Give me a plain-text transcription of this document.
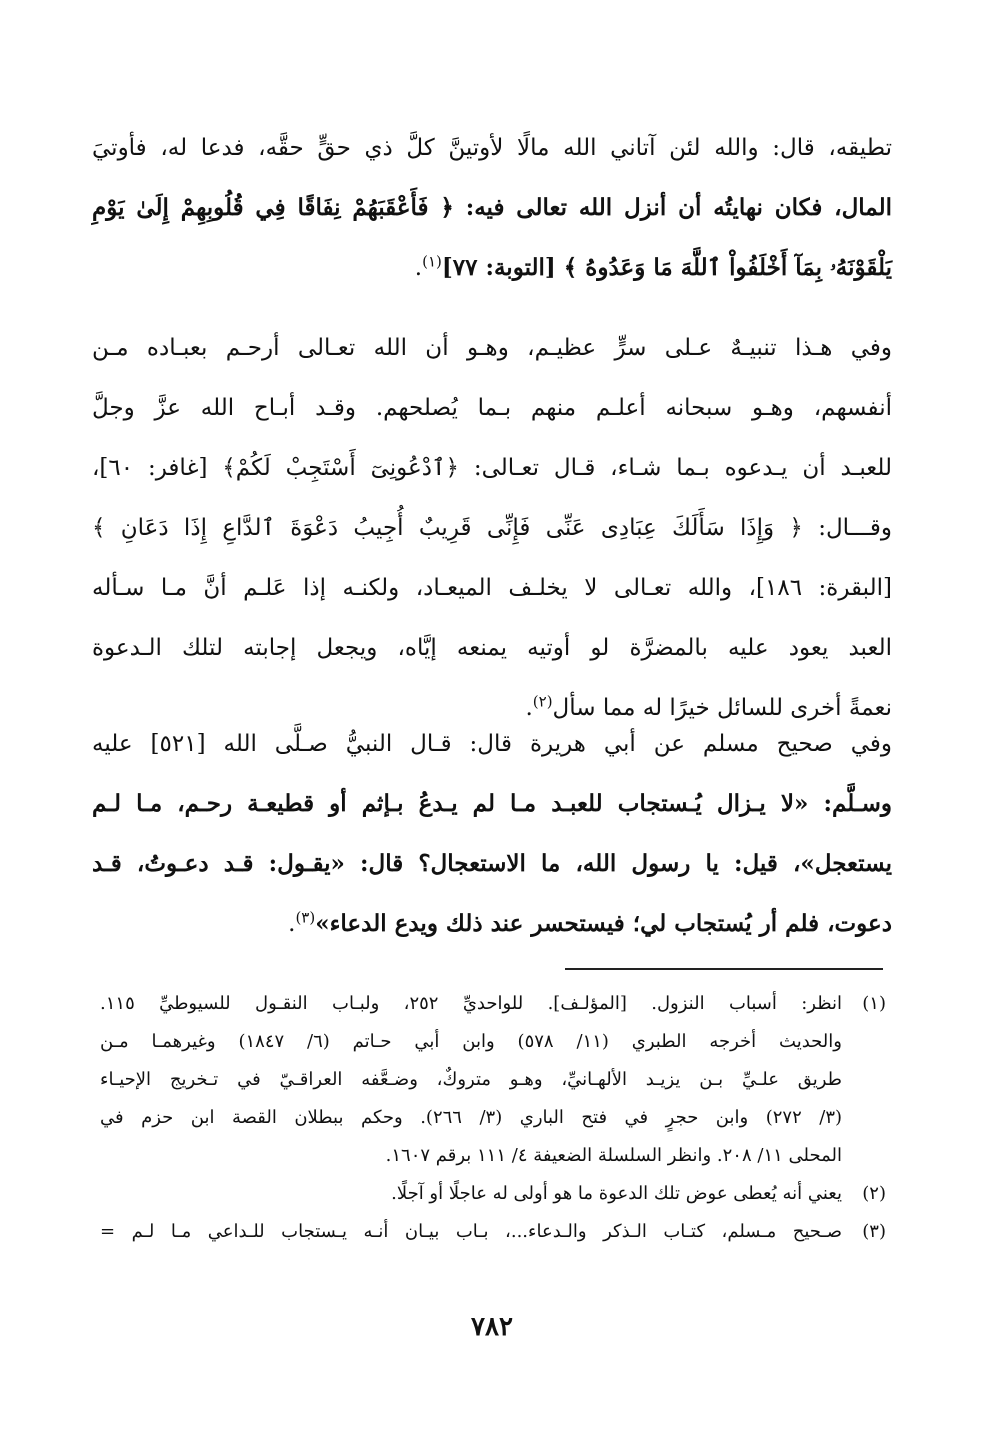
تطيقه، قال: والله لئن آتاني الله مالًا لأوتينَّ كلَّ ذي حقٍّ حقَّه، فدعا له، فأوتيَ
المال، فكان نهايتُه أن أنزل الله تعالى فيه: ﴿ فَأَعْقَبَهُمْ نِفَاقًا فِي قُلُوبِهِمْ إِلَىٰ يَوْمِ
يَلْقَوْنَهُۥ بِمَآ أَخْلَفُواْ ٱللَّهَ مَا وَعَدُوهُ ﴾ [التوبة: ٧٧]$^{(١)}$.
وفي هـذا تنبيـهٌ عـلى سرٍّ عظيـم، وهـو أن الله تعـالى أرحـم بعبـاده مـن
أنفسهم، وهـو سبحانه أعلـم منهم بـما يُصلحهم. وقـد أبـاح الله عزَّ وجلَّ
للعبـد أن يـدعوه بـما شـاء، قـال تعـالى: ﴿ٱدْعُونِىٓ أَسْتَجِبْ لَكُمْ﴾ [غافر: ٦٠]،
وقـــال: ﴿ وَإِذَا سَأَلَكَ عِبَادِى عَنِّى فَإِنِّى قَرِيبٌ أُجِيبُ دَعْوَةَ ٱلدَّاعِ إِذَا دَعَانِ ﴾
[البقرة: ١٨٦]، والله تعـالى لا يخلـف الميعـاد، ولكنـه إذا عَلـم أنَّ مـا سـأله
العبد يعود عليه بالمضرَّة لو أوتيه يمنعه إيَّاه، ويجعل إجابته لتلك الـدعوة
نعمةً أخرى للسائل خيرًا له مما سأل$^{(٢)}$.
وفي صحيح مسلم عن أبي هريرة قال: قـال النبيُّ صـلَّى الله [٥٢١] عليه
وسـلَّم: «لا يـزال يُـستجاب للعبـد مـا لم يـدعُ بـإثم أو قطيعـة رحـم، مـا لـم
يستعجل»، قيل: يا رسول الله، ما الاستعجال؟ قال: «يقـول: قـد دعـوتُ، قـد
دعوت، فلم أر يُستجاب لي؛ فيستحسر عند ذلك ويدع الدعاء»$^{(٣)}$.
(١)
انظر: أسباب النزول. [المؤلـف]. للواحديِّ ٢٥٢، ولبـاب النقـول للسيوطيِّ ١١٥.
والحديث أخرجه الطبري (١١/ ٥٧٨) وابن أبي حـاتم (٦/ ١٨٤٧) وغيرهمـا مـن
طريق علـيِّ بـن يزيـد الألهـانيِّ، وهـو متروكٌ، وضـعَّفه العراقـيّ في تـخريج الإحيـاء
(٣/ ٢٧٢) وابن حجرٍ في فتح الباري (٣/ ٢٦٦). وحكم ببطلان القصة ابن حزم في
المحلى ١١/ ٢٠٨. وانظر السلسلة الضعيفة ٤/ ١١١ برقم ١٦٠٧.
(٢)
يعني أنه يُعطى عوض تلك الدعوة ما هو أولى له عاجلًا أو آجلًا.
(٣)
صـحيح مـسلم، كتـاب الـذكر والـدعاء...، بـاب بيـان أنـه يـستجاب للـداعي مـا لـم =
٧٨٢
